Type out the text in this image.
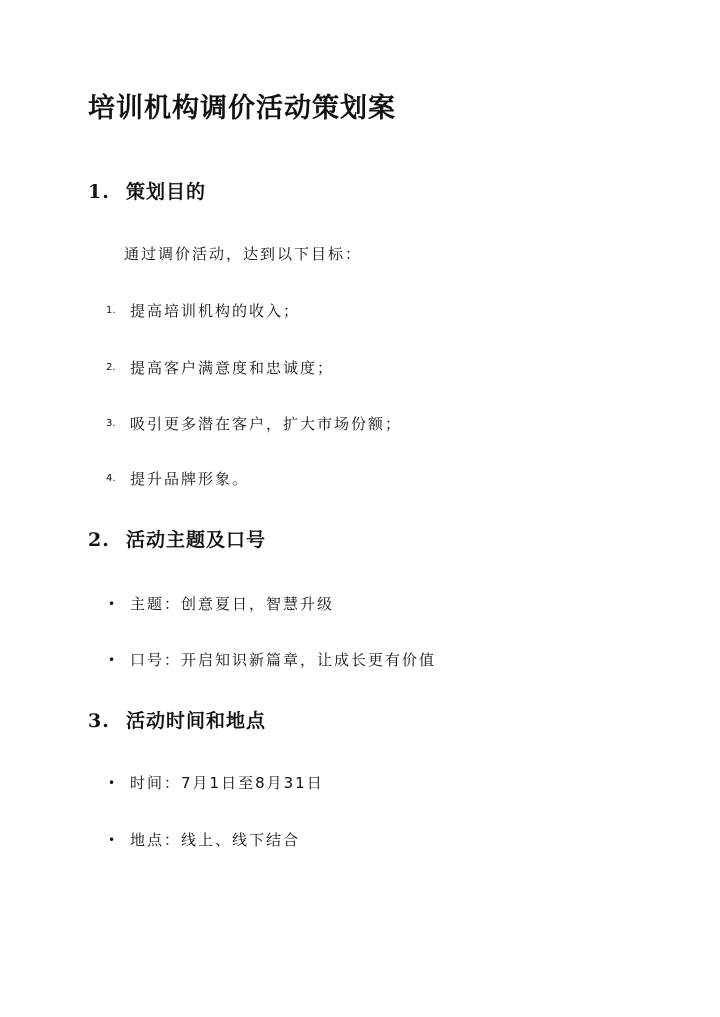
培训机构调价活动策划案
1. 策划目的
通过调价活动，达到以下目标：
1. 提高培训机构的收入；
2. 提高客户满意度和忠诚度；
3. 吸引更多潜在客户，扩大市场份额；
4. 提升品牌形象。
2. 活动主题及口号
• 主题：创意夏日，智慧升级
• 口号：开启知识新篇章，让成长更有价值
3. 活动时间和地点
• 时间：7月1日至8月31日
• 地点：线上、线下结合
